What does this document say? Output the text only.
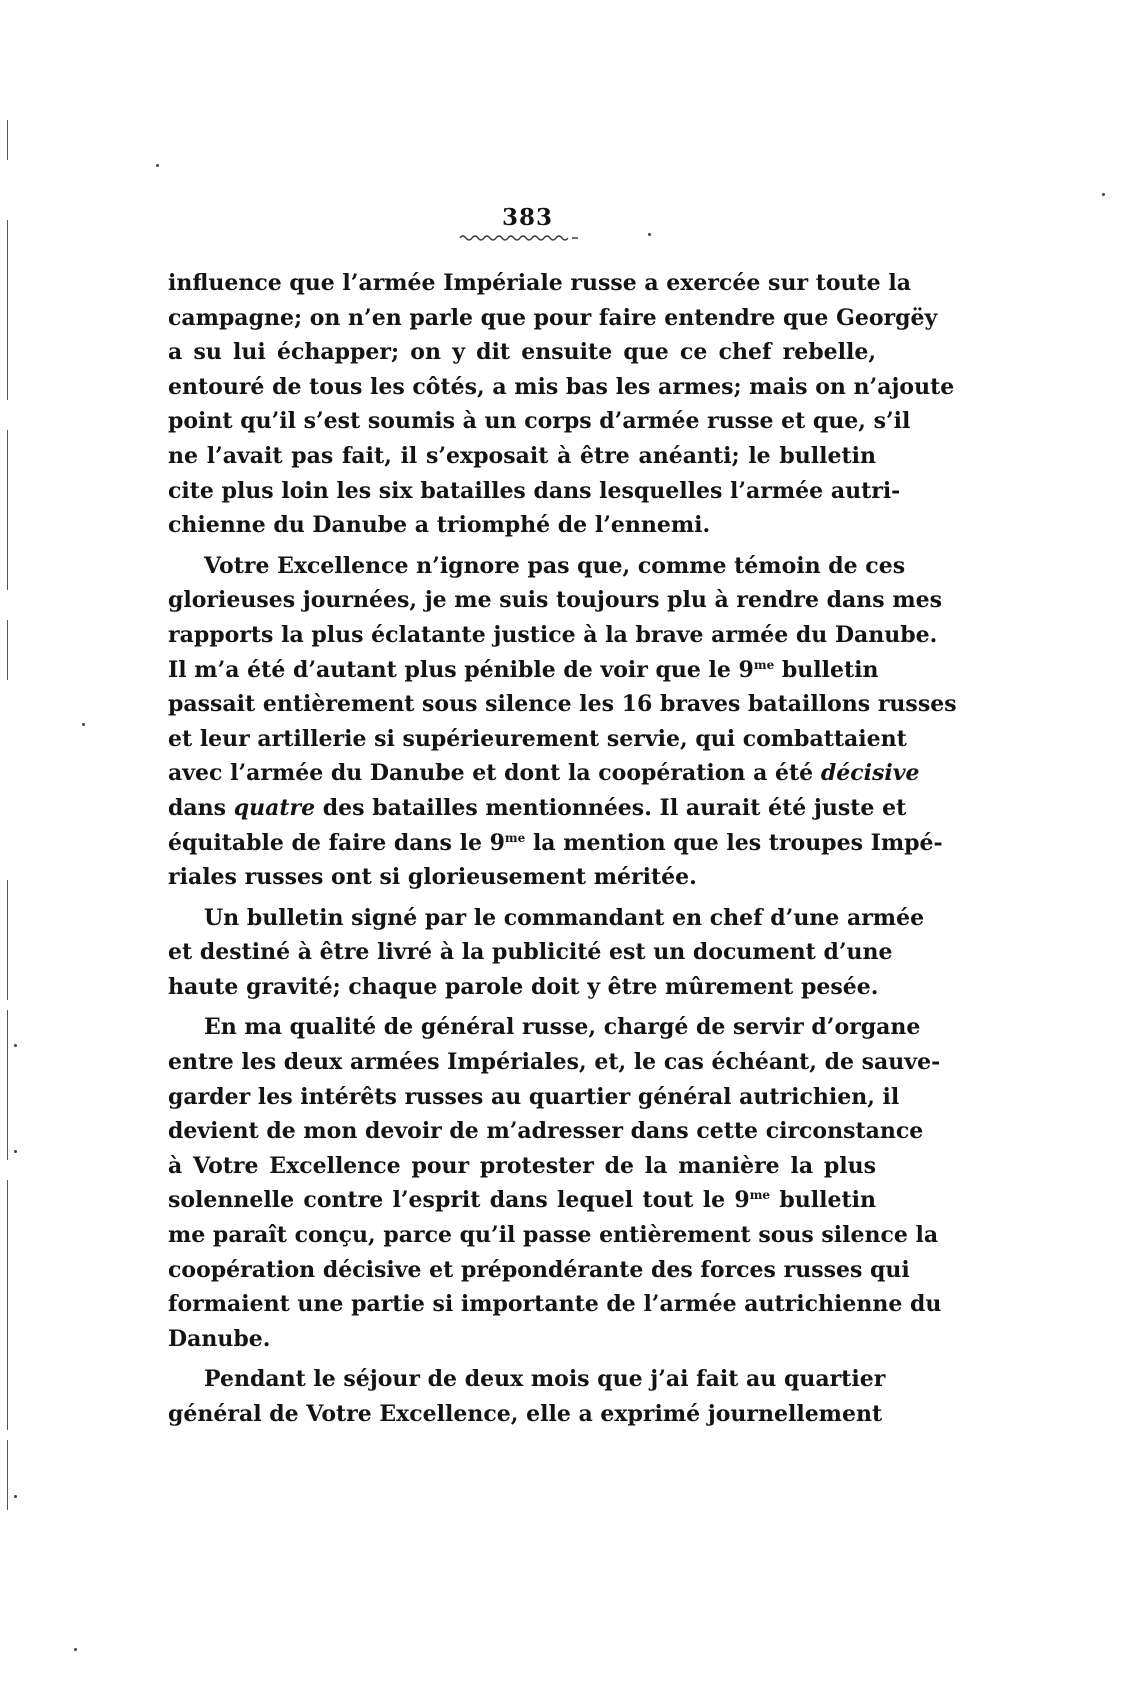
383
influence que l’armée Impériale russe a exercée sur toute la
campagne; on n’en parle que pour faire entendre que Georgëy
a su lui échapper; on y dit ensuite que ce chef rebelle,
entouré de tous les côtés, a mis bas les armes; mais on n’ajoute
point qu’il s’est soumis à un corps d’armée russe et que, s’il
ne l’avait pas fait, il s’exposait à être anéanti; le bulletin
cite plus loin les six batailles dans lesquelles l’armée autri-
chienne du Danube a triomphé de l’ennemi.
Votre Excellence n’ignore pas que, comme témoin de ces
glorieuses journées, je me suis toujours plu à rendre dans mes
rapports la plus éclatante justice à la brave armée du Danube.
Il m’a été d’autant plus pénible de voir que le $9^{me}$ bulletin
passait entièrement sous silence les 16 braves bataillons russes
et leur artillerie si supérieurement servie, qui combattaient
avec l’armée du Danube et dont la coopération a été décisive
dans quatre des batailles mentionnées. Il aurait été juste et
équitable de faire dans le $9^{me}$ la mention que les troupes Impé-
riales russes ont si glorieusement méritée.
Un bulletin signé par le commandant en chef d’une armée
et destiné à être livré à la publicité est un document d’une
haute gravité; chaque parole doit y être mûrement pesée.
En ma qualité de général russe, chargé de servir d’organe
entre les deux armées Impériales, et, le cas échéant, de sauve-
garder les intérêts russes au quartier général autrichien, il
devient de mon devoir de m’adresser dans cette circonstance
à Votre Excellence pour protester de la manière la plus
solennelle contre l’esprit dans lequel tout le $9^{me}$ bulletin
me paraît conçu, parce qu’il passe entièrement sous silence la
coopération décisive et prépondérante des forces russes qui
formaient une partie si importante de l’armée autrichienne du
Danube.
Pendant le séjour de deux mois que j’ai fait au quartier
général de Votre Excellence, elle a exprimé journellement
